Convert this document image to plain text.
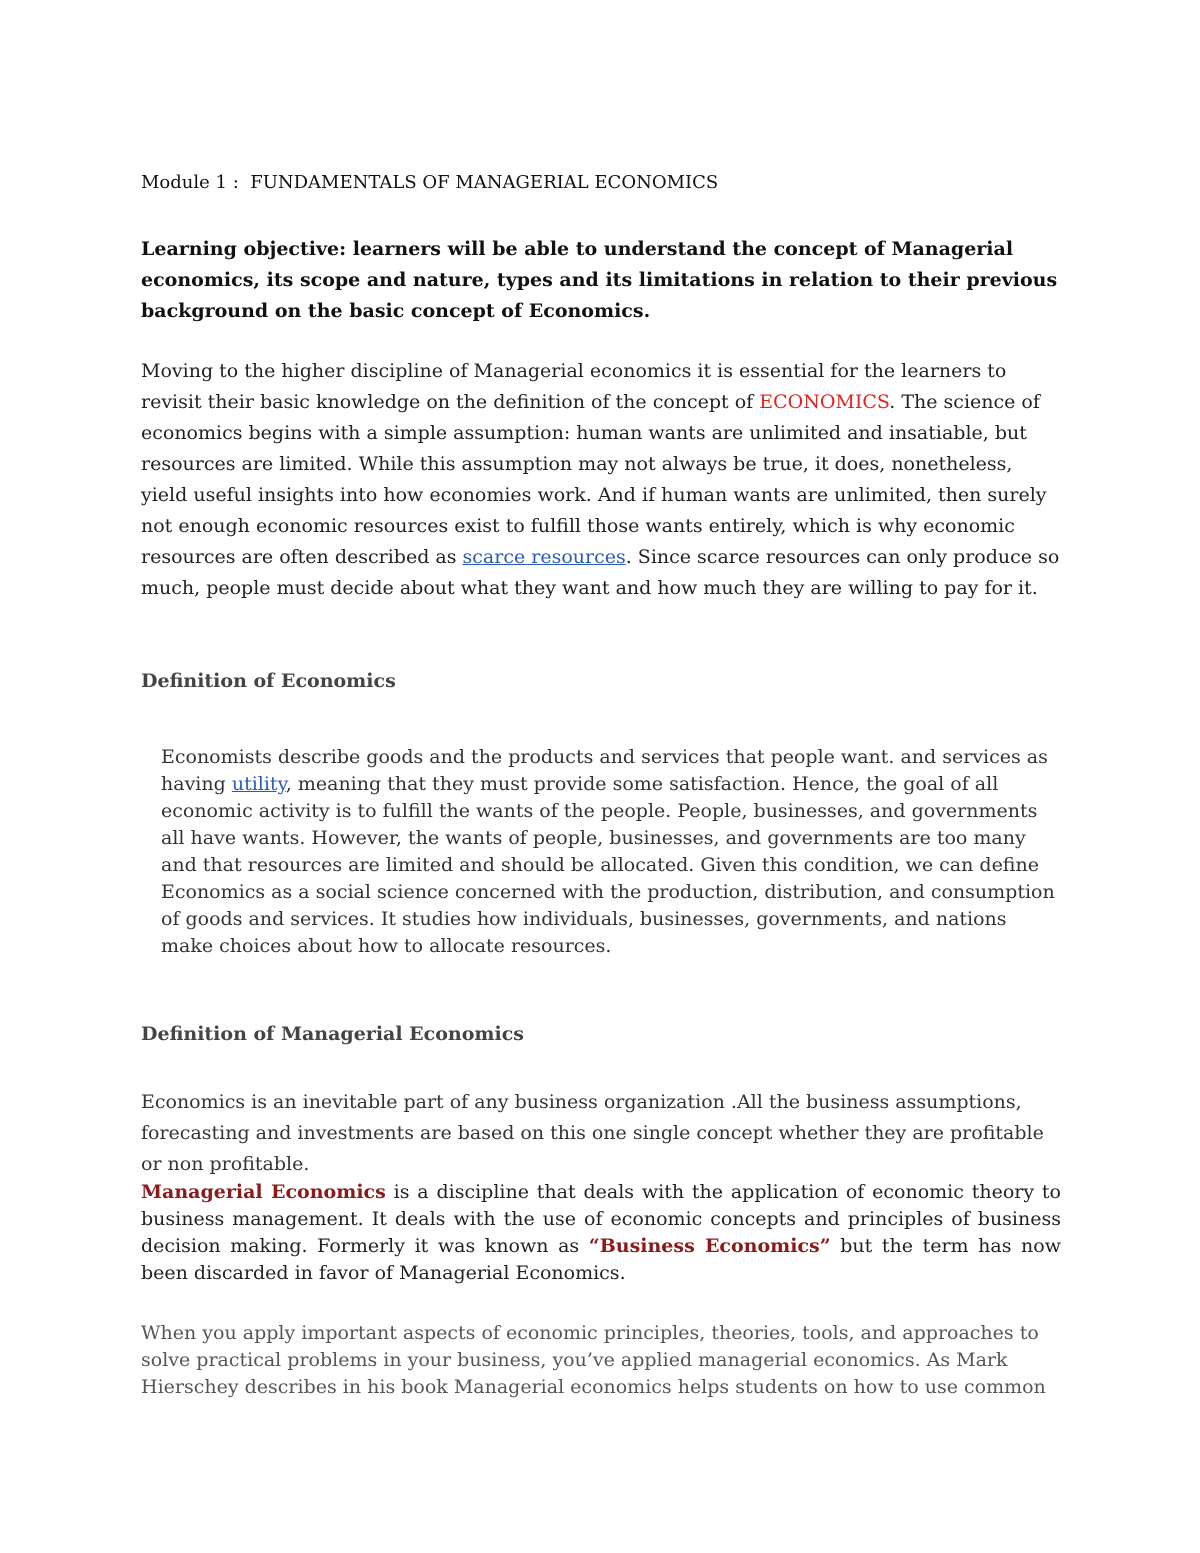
Module 1 : FUNDAMENTALS OF MANAGERIAL ECONOMICS

Learning objective: learners will be able to understand the concept of Managerial economics, its scope and nature, types and its limitations in relation to their previous background on the basic concept of Economics.

Moving to the higher discipline of Managerial economics it is essential for the learners to revisit their basic knowledge on the definition of the concept of ECONOMICS. The science of economics begins with a simple assumption: human wants are unlimited and insatiable, but resources are limited. While this assumption may not always be true, it does, nonetheless, yield useful insights into how economies work. And if human wants are unlimited, then surely not enough economic resources exist to fulfill those wants entirely, which is why economic resources are often described as scarce resources. Since scarce resources can only produce so much, people must decide about what they want and how much they are willing to pay for it.

Definition of Economics

Economists describe goods and the products and services that people want. and services as having utility, meaning that they must provide some satisfaction. Hence, the goal of all economic activity is to fulfill the wants of the people. People, businesses, and governments all have wants. However, the wants of people, businesses, and governments are too many and that resources are limited and should be allocated. Given this condition, we can define Economics as a social science concerned with the production, distribution, and consumption of goods and services. It studies how individuals, businesses, governments, and nations make choices about how to allocate resources.

Definition of Managerial Economics

Economics is an inevitable part of any business organization .All the business assumptions, forecasting and investments are based on this one single concept whether they are profitable or non profitable.

Managerial Economics is a discipline that deals with the application of economic theory to business management. It deals with the use of economic concepts and principles of business decision making. Formerly it was known as “Business Economics” but the term has now been discarded in favor of Managerial Economics.

When you apply important aspects of economic principles, theories, tools, and approaches to solve practical problems in your business, you’ve applied managerial economics. As Mark Hierschey describes in his book Managerial economics helps students on how to use common
